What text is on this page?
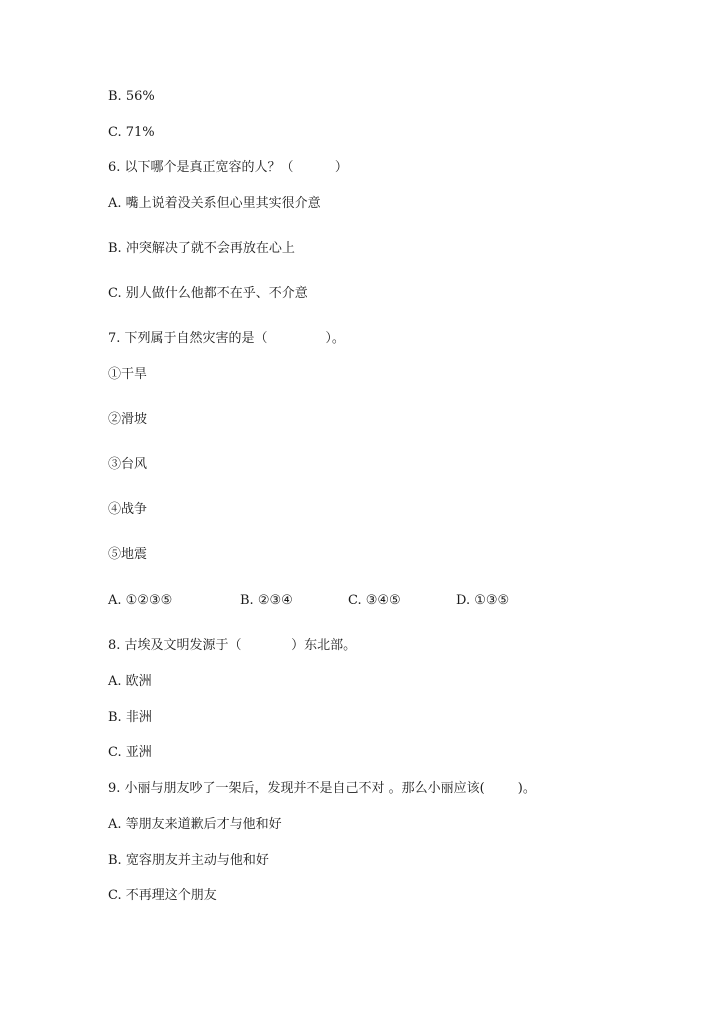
B. 56%
C. 71%
6. 以下哪个是真正宽容的人？（          ）
A. 嘴上说着没关系但心里其实很介意
B. 冲突解决了就不会再放在心上
C. 别人做什么他都不在乎、不介意
7. 下列属于自然灾害的是（              ）。
①干旱
②滑坡
③台风
④战争
⑤地震
A. ①②③⑤	B. ②③④	C. ③④⑤	D. ①③⑤
8. 古埃及文明发源于（            ）东北部。
A. 欧洲
B. 非洲
C. 亚洲
9. 小丽与朋友吵了一架后，发现并不是自己不对 。那么小丽应该(        )。
A. 等朋友来道歉后才与他和好
B. 宽容朋友并主动与他和好
C. 不再理这个朋友
